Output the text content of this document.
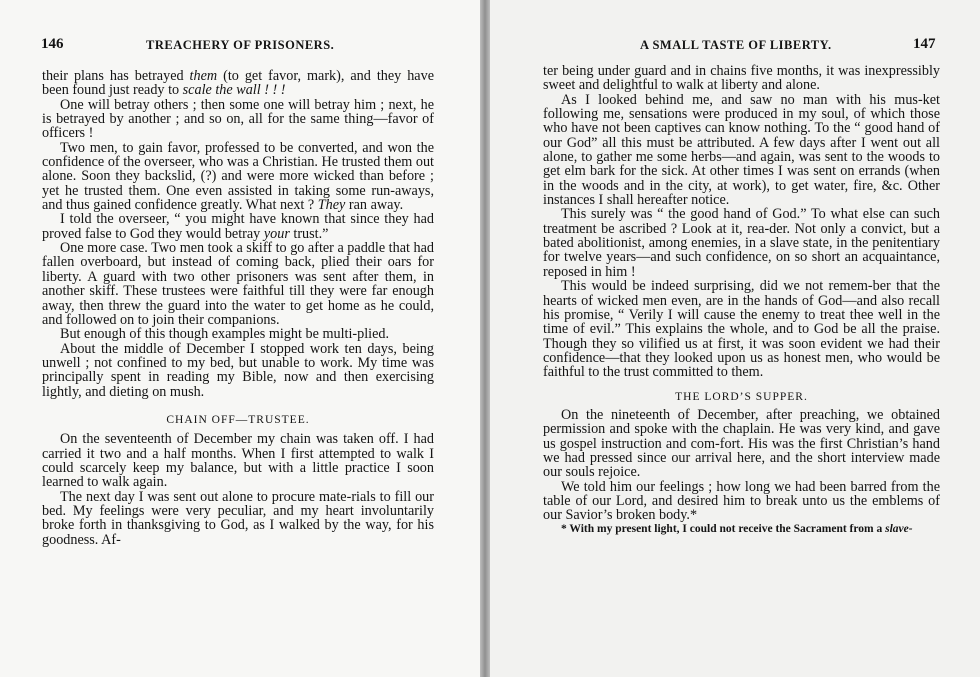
146	TREACHERY OF PRISONERS.

their plans has betrayed them (to get favor, mark), and they have been found just ready to scale the wall ! ! !

One will betray others ; then some one will betray him ; next, he is betrayed by another ; and so on, all for the same thing—favor of officers !

Two men, to gain favor, professed to be converted, and won the confidence of the overseer, who was a Christian. He trusted them out alone. Soon they backslid, (?) and were more wicked than before ; yet he trusted them. One even assisted in taking some run-aways, and thus gained confidence greatly. What next ? They ran away.

I told the overseer, “ you might have known that since they had proved false to God they would betray your trust.”

One more case. Two men took a skiff to go after a paddle that had fallen overboard, but instead of coming back, plied their oars for liberty. A guard with two other prisoners was sent after them, in another skiff. These trustees were faithful till they were far enough away, then threw the guard into the water to get home as he could, and followed on to join their companions.

But enough of this though examples might be multi-plied.

About the middle of December I stopped work ten days, being unwell ; not confined to my bed, but unable to work. My time was principally spent in reading my Bible, now and then exercising lightly, and dieting on mush.

CHAIN OFF—TRUSTEE.

On the seventeenth of December my chain was taken off. I had carried it two and a half months. When I first attempted to walk I could scarcely keep my balance, but with a little practice I soon learned to walk again.

The next day I was sent out alone to procure mate-rials to fill our bed. My feelings were very peculiar, and my heart involuntarily broke forth in thanksgiving to God, as I walked by the way, for his goodness. Af-

A SMALL TASTE OF LIBERTY.	147

ter being under guard and in chains five months, it was inexpressibly sweet and delightful to walk at liberty and alone.

As I looked behind me, and saw no man with his mus-ket following me, sensations were produced in my soul, of which those who have not been captives can know nothing. To the “ good hand of our God” all this must be attributed. A few days after I went out all alone, to gather me some herbs—and again, was sent to the woods to get elm bark for the sick. At other times I was sent on errands (when in the woods and in the city, at work), to get water, fire, &c. Other instances I shall hereafter notice.

This surely was “ the good hand of God.” To what else can such treatment be ascribed ? Look at it, rea-der. Not only a convict, but a bated abolitionist, among enemies, in a slave state, in the penitentiary for twelve years—and such confidence, on so short an acquaintance, reposed in him !

This would be indeed surprising, did we not remem-ber that the hearts of wicked men even, are in the hands of God—and also recall his promise, “ Verily I will cause the enemy to treat thee well in the time of evil.” This explains the whole, and to God be all the praise. Though they so vilified us at first, it was soon evident we had their confidence—that they looked upon us as honest men, who would be faithful to the trust committed to them.

THE LORD’S SUPPER.

On the nineteenth of December, after preaching, we obtained permission and spoke with the chaplain. He was very kind, and gave us gospel instruction and com-fort. His was the first Christian’s hand we had pressed since our arrival here, and the short interview made our souls rejoice.

We told him our feelings ; how long we had been barred from the table of our Lord, and desired him to break unto us the emblems of our Savior’s broken body.*

* With my present light, I could not receive the Sacrament from a slave-
